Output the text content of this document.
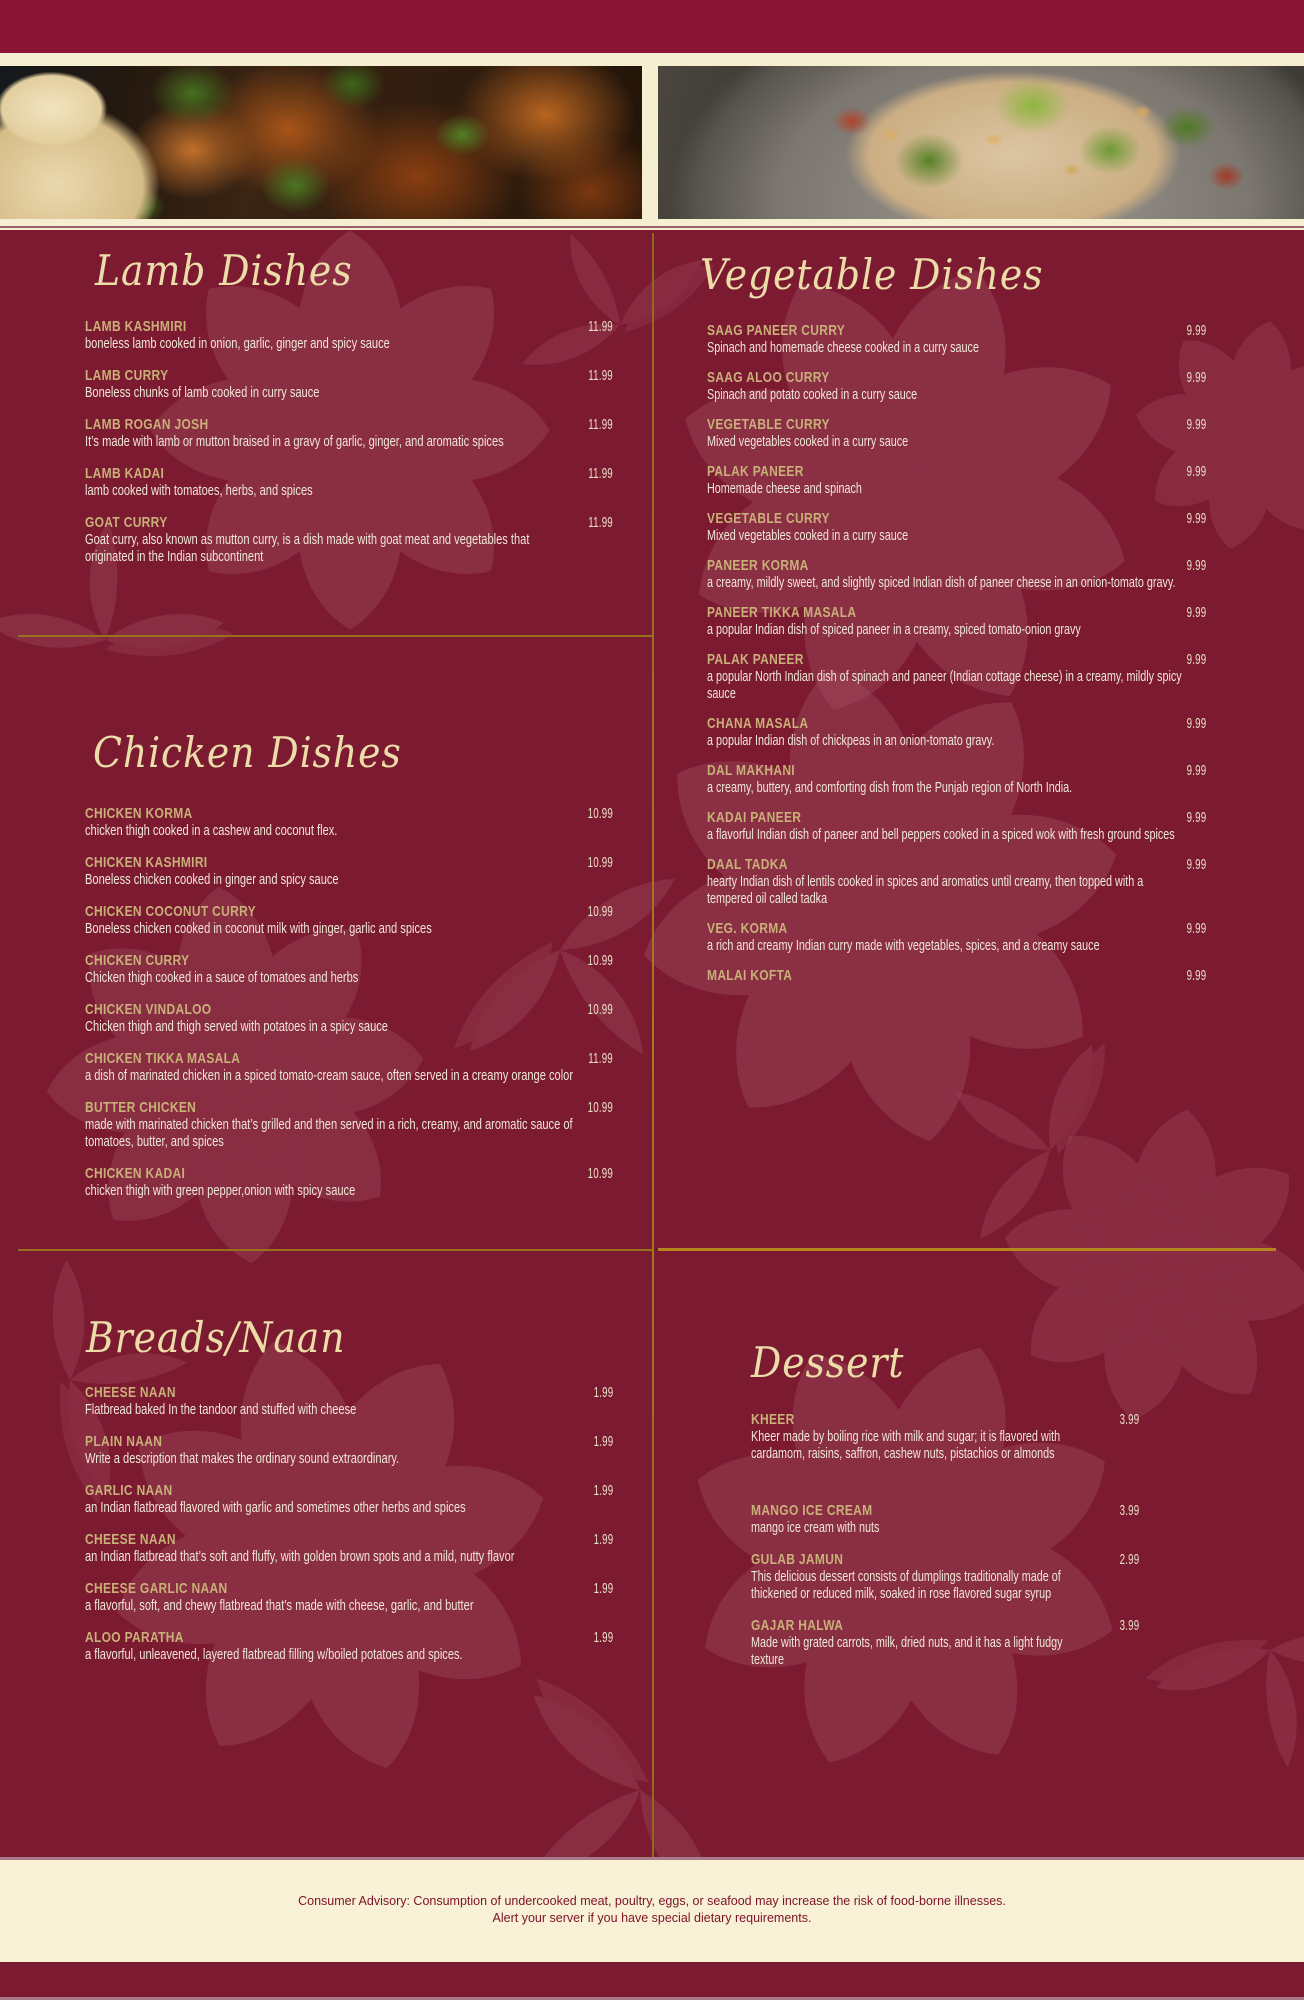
Lamb Dishes
LAMB KASHMIRI	11.99
boneless lamb cooked in onion, garlic, ginger and spicy sauce
LAMB CURRY	11.99
Boneless chunks of lamb cooked in curry sauce
LAMB ROGAN JOSH	11.99
It’s made with lamb or mutton braised in a gravy of garlic, ginger, and aromatic spices
LAMB KADAI	11.99
lamb cooked with tomatoes, herbs, and spices
GOAT CURRY	11.99
Goat curry, also known as mutton curry, is a dish made with goat meat and vegetables that
originated in the Indian subcontinent
Vegetable Dishes
SAAG PANEER CURRY	9.99
Spinach and homemade cheese cooked in a curry sauce
SAAG ALOO CURRY	9.99
Spinach and potato cooked in a curry sauce
VEGETABLE CURRY	9.99
Mixed vegetables cooked in a curry sauce
PALAK PANEER	9.99
Homemade cheese and spinach
VEGETABLE CURRY	9.99
Mixed vegetables cooked in a curry sauce
PANEER KORMA	9.99
a creamy, mildly sweet, and slightly spiced Indian dish of paneer cheese in an onion-tomato gravy.
PANEER TIKKA MASALA	9.99
a popular Indian dish of spiced paneer in a creamy, spiced tomato-onion gravy
PALAK PANEER	9.99
a popular North Indian dish of spinach and paneer (Indian cottage cheese) in a creamy, mildly spicy
sauce
CHANA MASALA	9.99
a popular Indian dish of chickpeas in an onion-tomato gravy.
DAL MAKHANI	9.99
a creamy, buttery, and comforting dish from the Punjab region of North India.
KADAI PANEER	9.99
a flavorful Indian dish of paneer and bell peppers cooked in a spiced wok with fresh ground spices
DAAL TADKA	9.99
hearty Indian dish of lentils cooked in spices and aromatics until creamy, then topped with a
tempered oil called tadka
VEG. KORMA	9.99
a rich and creamy Indian curry made with vegetables, spices, and a creamy sauce
MALAI KOFTA	9.99
Chicken Dishes
CHICKEN KORMA	10.99
chicken thigh cooked in a cashew and coconut flex.
CHICKEN KASHMIRI	10.99
Boneless chicken cooked in ginger and spicy sauce
CHICKEN COCONUT CURRY	10.99
Boneless chicken cooked in coconut milk with ginger, garlic and spices
CHICKEN CURRY	10.99
Chicken thigh cooked in a sauce of tomatoes and herbs
CHICKEN VINDALOO	10.99
Chicken thigh and thigh served with potatoes in a spicy sauce
CHICKEN TIKKA MASALA	11.99
a dish of marinated chicken in a spiced tomato-cream sauce, often served in a creamy orange color
BUTTER CHICKEN	10.99
made with marinated chicken that’s grilled and then served in a rich, creamy, and aromatic sauce of
tomatoes, butter, and spices
CHICKEN KADAI	10.99
chicken thigh with green pepper,onion with spicy sauce
Breads/Naan
CHEESE NAAN	1.99
Flatbread baked In the tandoor and stuffed with cheese
PLAIN NAAN	1.99
Write a description that makes the ordinary sound extraordinary.
GARLIC NAAN	1.99
an Indian flatbread flavored with garlic and sometimes other herbs and spices
CHEESE NAAN	1.99
an Indian flatbread that’s soft and fluffy, with golden brown spots and a mild, nutty flavor
CHEESE GARLIC NAAN	1.99
a flavorful, soft, and chewy flatbread that’s made with cheese, garlic, and butter
ALOO PARATHA	1.99
a flavorful, unleavened, layered flatbread filling w/boiled potatoes and spices.
Dessert
KHEER	3.99
Kheer made by boiling rice with milk and sugar; it is flavored with
cardamom, raisins, saffron, cashew nuts, pistachios or almonds
MANGO ICE CREAM	3.99
mango ice cream with nuts
GULAB JAMUN	2.99
This delicious dessert consists of dumplings traditionally made of
thickened or reduced milk, soaked in rose flavored sugar syrup
GAJAR HALWA	3.99
Made with grated carrots, milk, dried nuts, and it has a light fudgy
texture
Consumer Advisory: Consumption of undercooked meat, poultry, eggs, or seafood may increase the risk of food-borne illnesses.
Alert your server if you have special dietary requirements.
